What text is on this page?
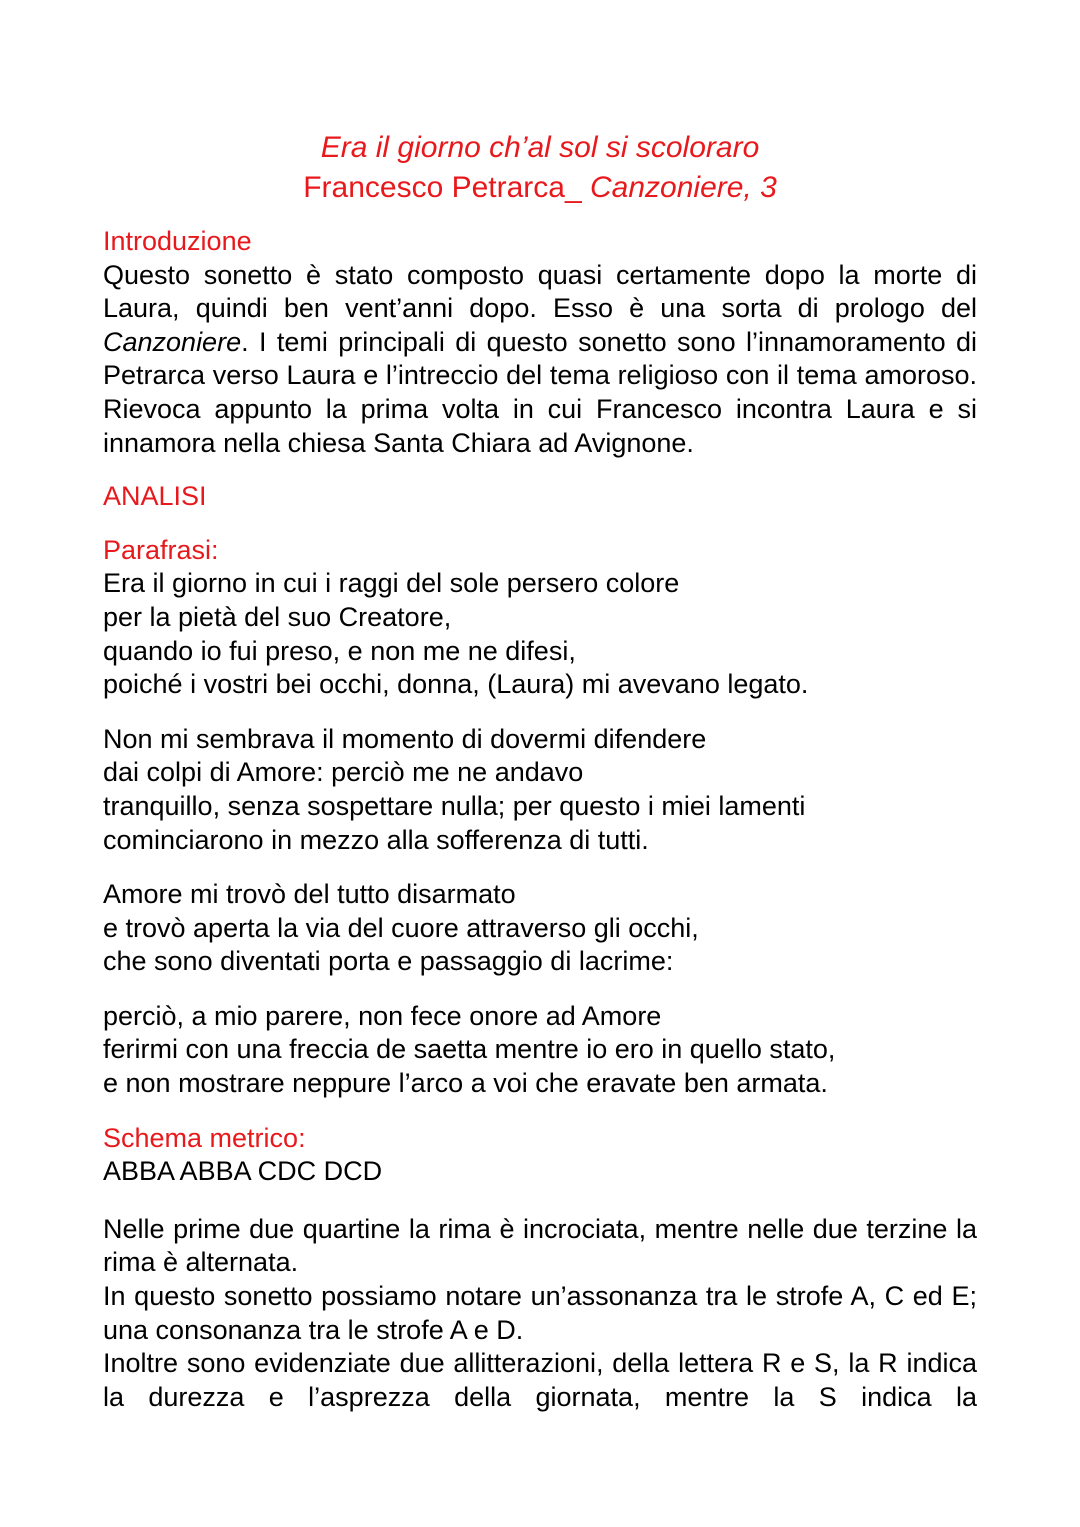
Era il giorno ch’al sol si scoloraro
Francesco Petrarca_ Canzoniere, 3
Introduzione

Questo sonetto è stato composto quasi certamente dopo la morte di Laura, quindi ben vent’anni dopo. Esso è una sorta di prologo del Canzoniere. I temi principali di questo sonetto sono l’innamoramento di Petrarca verso Laura e l’intreccio del tema religioso con il tema amoroso. Rievoca appunto la prima volta in cui Francesco incontra Laura e si innamora nella chiesa Santa Chiara ad Avignone.

ANALISI
Parafrasi:
Era il giorno in cui i raggi del sole persero colore
per la pietà del suo Creatore,
quando io fui preso, e non me ne difesi,
poiché i vostri bei occhi, donna, (Laura) mi avevano legato.
Non mi sembrava il momento di dovermi difendere
dai colpi di Amore: perciò me ne andavo
tranquillo, senza sospettare nulla; per questo i miei lamenti
cominciarono in mezzo alla sofferenza di tutti.
Amore mi trovò del tutto disarmato
e trovò aperta la via del cuore attraverso gli occhi,
che sono diventati porta e passaggio di lacrime:
perciò, a mio parere, non fece onore ad Amore
ferirmi con una freccia de saetta mentre io ero in quello stato,
e non mostrare neppure l’arco a voi che eravate ben armata.
Schema metrico:
ABBA ABBA CDC DCD

Nelle prime due quartine la rima è incrociata, mentre nelle due terzine la rima è alternata.

In questo sonetto possiamo notare un’assonanza tra le strofe A, C ed E; una consonanza tra le strofe A e D.

Inoltre sono evidenziate due allitterazioni, della lettera R e S, la R indica la durezza e l’asprezza della giornata, mentre la S indica la
